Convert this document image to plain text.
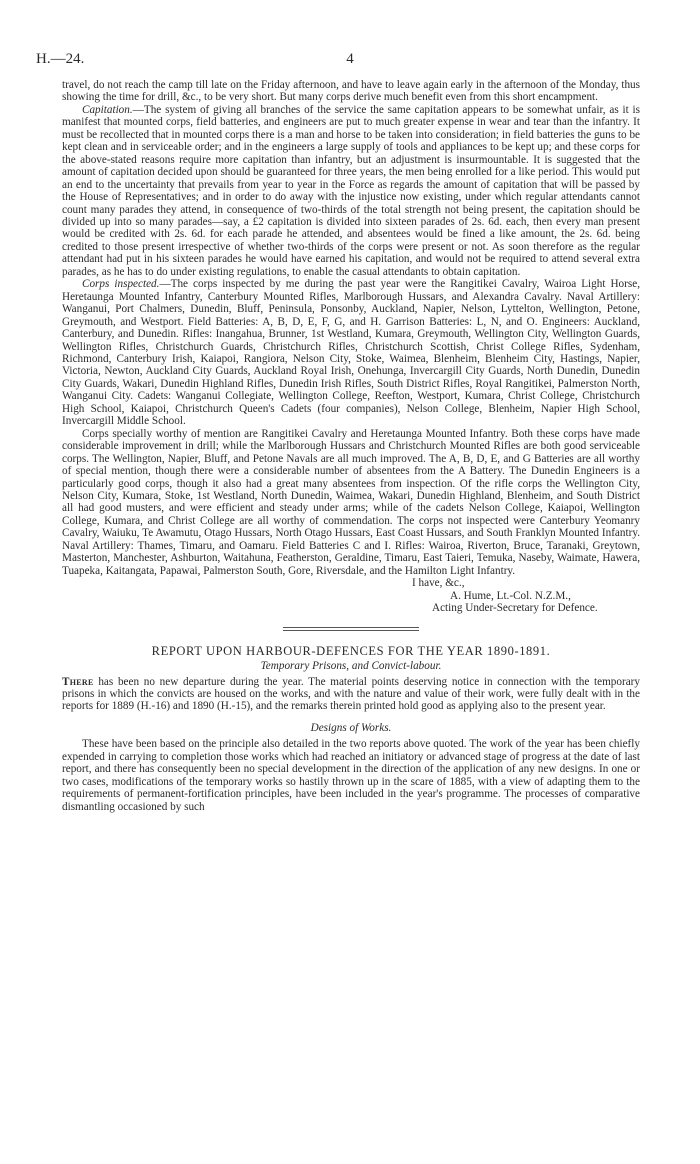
H.—24.	4

travel, do not reach the camp till late on the Friday afternoon, and have to leave again early in the afternoon of the Monday, thus showing the time for drill, &c., to be very short. But many corps derive much benefit even from this short encampment.

Capitation.—The system of giving all branches of the service the same capitation appears to be somewhat unfair, as it is manifest that mounted corps, field batteries, and engineers are put to much greater expense in wear and tear than the infantry. It must be recollected that in mounted corps there is a man and horse to be taken into consideration; in field batteries the guns to be kept clean and in serviceable order; and in the engineers a large supply of tools and appliances to be kept up; and these corps for the above-stated reasons require more capitation than infantry, but an adjustment is insurmountable. It is suggested that the amount of capitation decided upon should be guaranteed for three years, the men being enrolled for a like period. This would put an end to the uncertainty that prevails from year to year in the Force as regards the amount of capitation that will be passed by the House of Representatives; and in order to do away with the injustice now existing, under which regular attendants cannot count many parades they attend, in consequence of two-thirds of the total strength not being present, the capitation should be divided up into so many parades—say, a £2 capitation is divided into sixteen parades of 2s. 6d. each, then every man present would be credited with 2s. 6d. for each parade he attended, and absentees would be fined a like amount, the 2s. 6d. being credited to those present irrespective of whether two-thirds of the corps were present or not. As soon therefore as the regular attendant had put in his sixteen parades he would have earned his capitation, and would not be required to attend several extra parades, as he has to do under existing regulations, to enable the casual attendants to obtain capitation.

Corps inspected.—The corps inspected by me during the past year were the Rangitikei Cavalry, Wairoa Light Horse, Heretaunga Mounted Infantry, Canterbury Mounted Rifles, Marlborough Hussars, and Alexandra Cavalry. Naval Artillery: Wanganui, Port Chalmers, Dunedin, Bluff, Peninsula, Ponsonby, Auckland, Napier, Nelson, Lyttelton, Wellington, Petone, Greymouth, and Westport. Field Batteries: A, B, D, E, F, G, and H. Garrison Batteries: L, N, and O. Engineers: Auckland, Canterbury, and Dunedin. Rifles: Inangahua, Brunner, 1st Westland, Kumara, Greymouth, Wellington City, Wellington Guards, Wellington Rifles, Christchurch Guards, Christchurch Rifles, Christchurch Scottish, Christ College Rifles, Sydenham, Richmond, Canterbury Irish, Kaiapoi, Rangiora, Nelson City, Stoke, Waimea, Blenheim, Blenheim City, Hastings, Napier, Victoria, Newton, Auckland City Guards, Auckland Royal Irish, Onehunga, Invercargill City Guards, North Dunedin, Dunedin City Guards, Wakari, Dunedin Highland Rifles, Dunedin Irish Rifles, South District Rifles, Royal Rangitikei, Palmerston North, Wanganui City. Cadets: Wanganui Collegiate, Wellington College, Reefton, Westport, Kumara, Christ College, Christchurch High School, Kaiapoi, Christchurch Queen's Cadets (four companies), Nelson College, Blenheim, Napier High School, Invercargill Middle School.

Corps specially worthy of mention are Rangitikei Cavalry and Heretaunga Mounted Infantry. Both these corps have made considerable improvement in drill; while the Marlborough Hussars and Christchurch Mounted Rifles are both good serviceable corps. The Wellington, Napier, Bluff, and Petone Navals are all much improved. The A, B, D, E, and G Batteries are all worthy of special mention, though there were a considerable number of absentees from the A Battery. The Dunedin Engineers is a particularly good corps, though it also had a great many absentees from inspection. Of the rifle corps the Wellington City, Nelson City, Kumara, Stoke, 1st Westland, North Dunedin, Waimea, Wakari, Dunedin Highland, Blenheim, and South District all had good musters, and were efficient and steady under arms; while of the cadets Nelson College, Kaiapoi, Wellington College, Kumara, and Christ College are all worthy of commendation. The corps not inspected were Canterbury Yeomanry Cavalry, Waiuku, Te Awamutu, Otago Hussars, North Otago Hussars, East Coast Hussars, and South Franklyn Mounted Infantry. Naval Artillery: Thames, Timaru, and Oamaru. Field Batteries C and I. Rifles: Wairoa, Riverton, Bruce, Taranaki, Greytown, Masterton, Manchester, Ashburton, Waitahuna, Featherston, Geraldine, Timaru, East Taieri, Temuka, Naseby, Waimate, Hawera, Tuapeka, Kaitangata, Papawai, Palmerston South, Gore, Riversdale, and the Hamilton Light Infantry.

I have, &c.,
A. Hume, Lt.-Col. N.Z.M.,
Acting Under-Secretary for Defence.
REPORT UPON HARBOUR-DEFENCES FOR THE YEAR 1890-1891.
Temporary Prisons, and Convict-labour.

There has been no new departure during the year. The material points deserving notice in connection with the temporary prisons in which the convicts are housed on the works, and with the nature and value of their work, were fully dealt with in the reports for 1889 (H.-16) and 1890 (H.-15), and the remarks therein printed hold good as applying also to the present year.

Designs of Works.

These have been based on the principle also detailed in the two reports above quoted. The work of the year has been chiefly expended in carrying to completion those works which had reached an initiatory or advanced stage of progress at the date of last report, and there has consequently been no special development in the direction of the application of any new designs. In one or two cases, modifications of the temporary works so hastily thrown up in the scare of 1885, with a view of adapting them to the requirements of permanent-fortification principles, have been included in the year's programme. The processes of comparative dismantling occasioned by such
